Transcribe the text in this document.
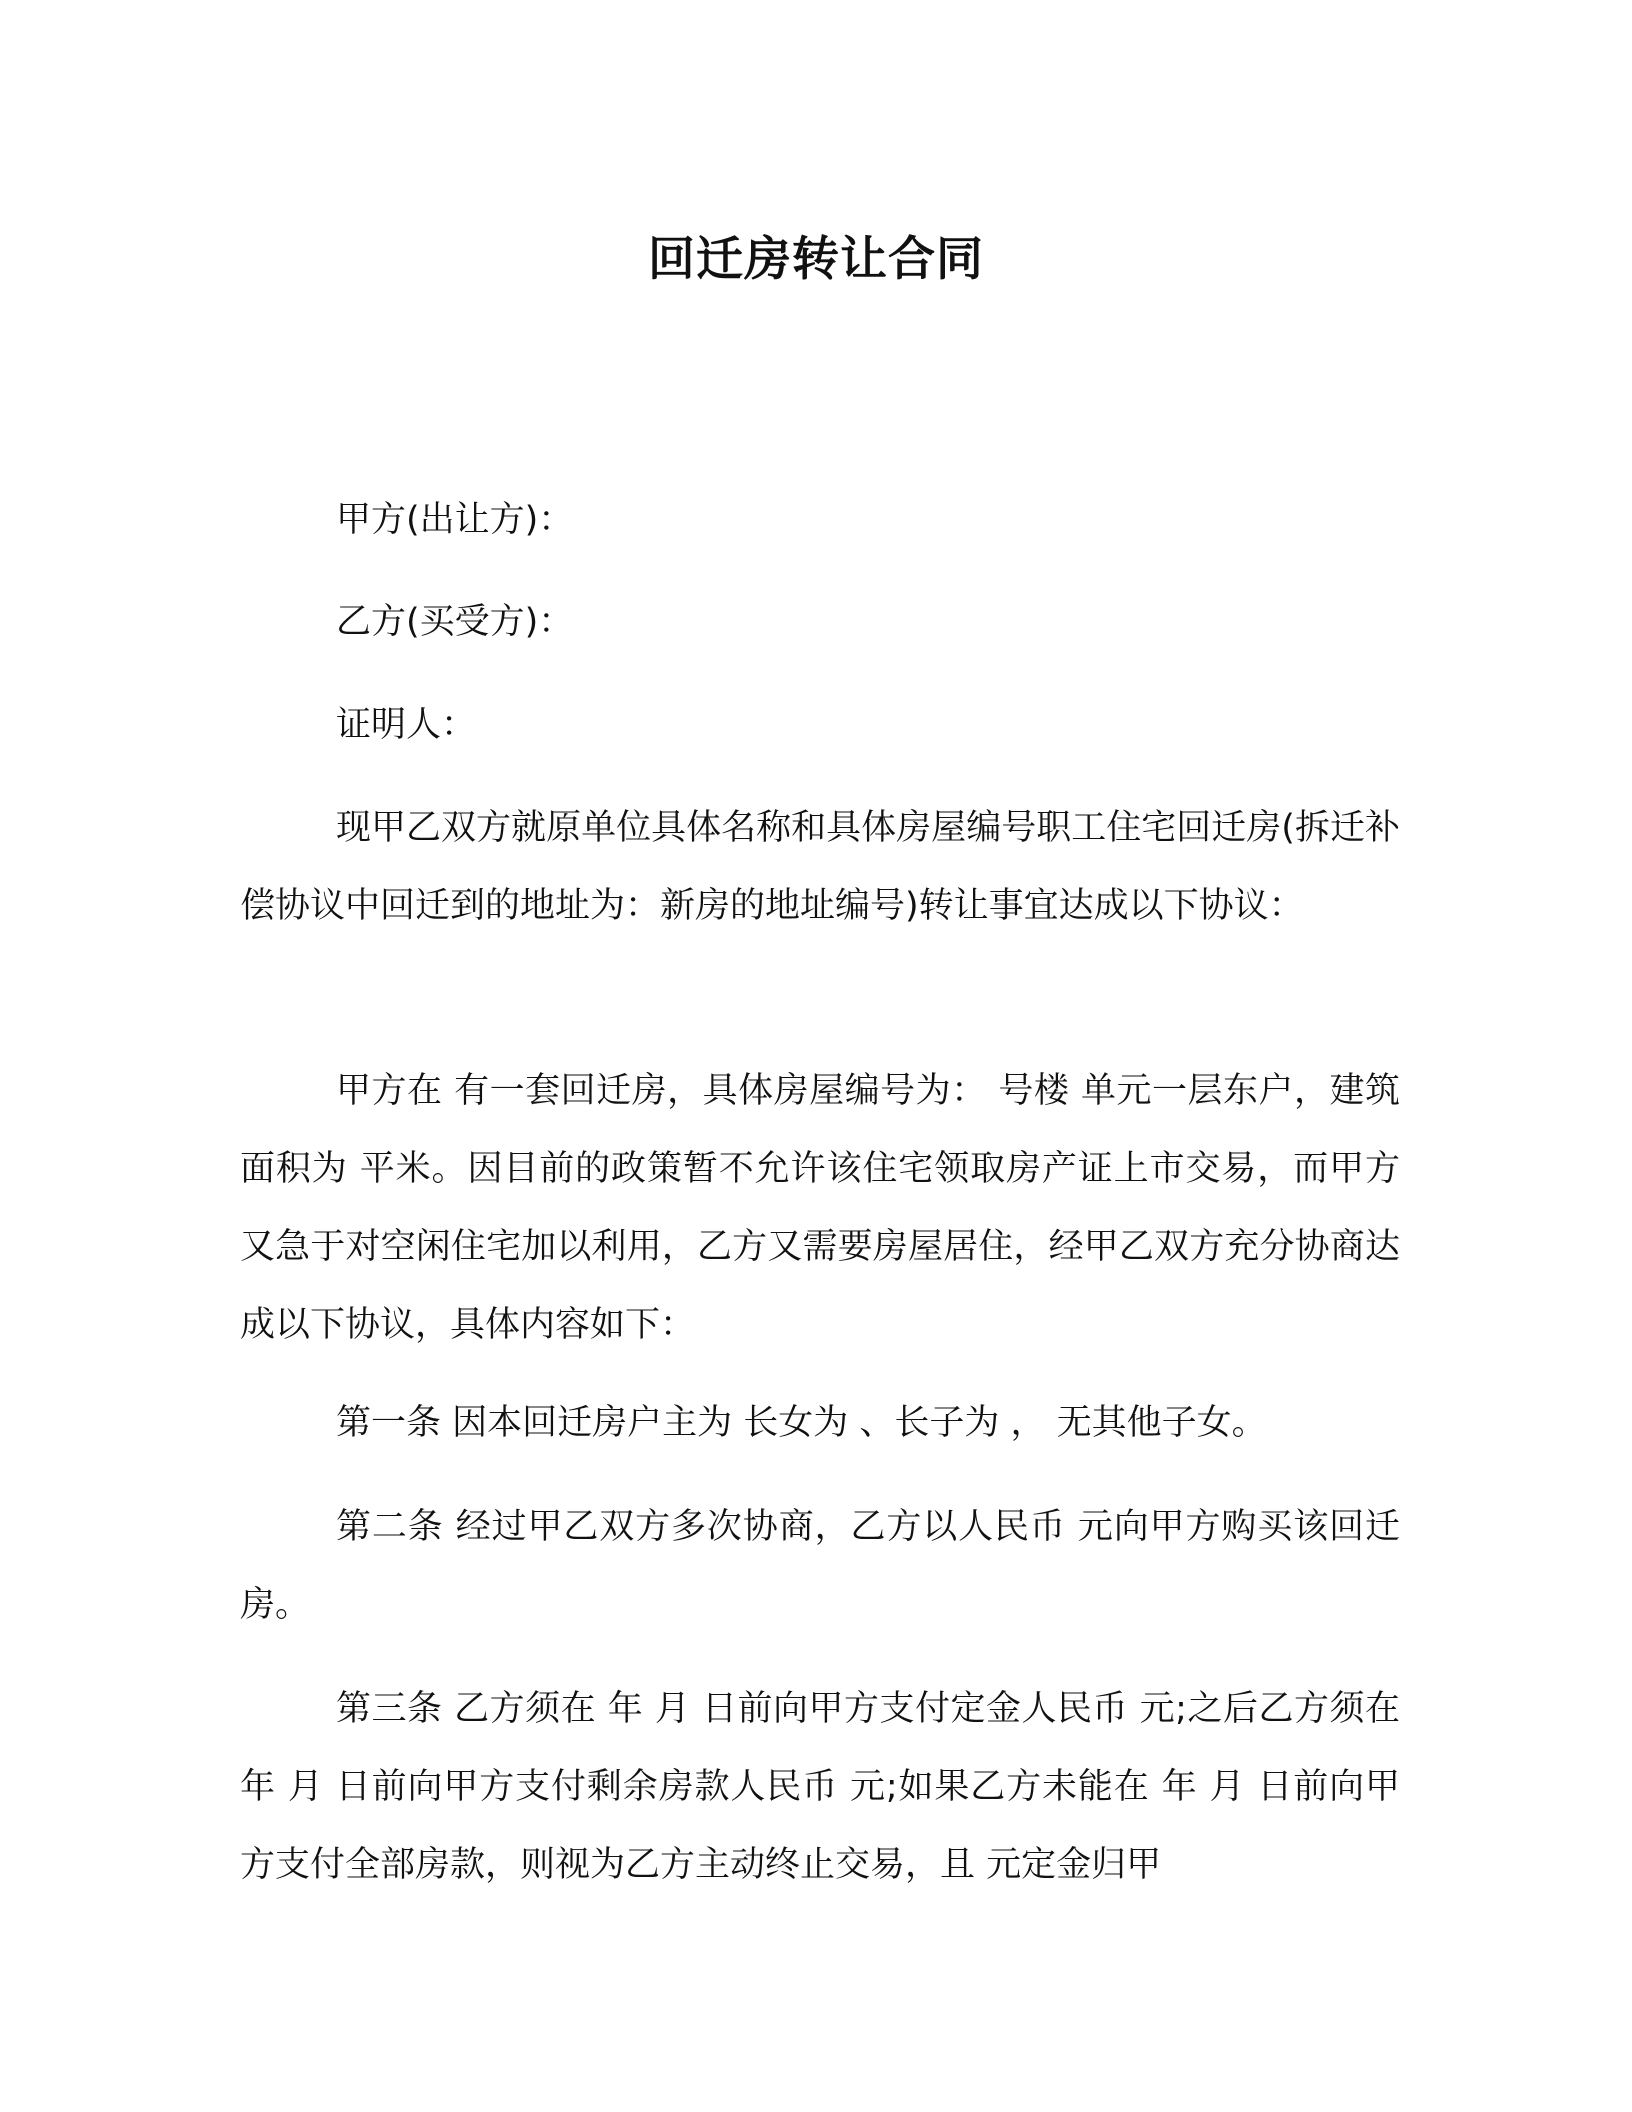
回迁房转让合同
甲方(出让方)：
乙方(买受方)：
证明人：

现甲乙双方就原单位具体名称和具体房屋编号职工住宅回迁房(拆迁补偿协议中回迁到的地址为：新房的地址编号)转让事宜达成以下协议：

甲方在 有一套回迁房，具体房屋编号为： 号楼 单元一层东户，建筑面积为 平米。因目前的政策暂不允许该住宅领取房产证上市交易，而甲方又急于对空闲住宅加以利用，乙方又需要房屋居住，经甲乙双方充分协商达成以下协议，具体内容如下：

第一条 因本回迁房户主为 长女为 、长子为 ， 无其他子女。

第二条 经过甲乙双方多次协商，乙方以人民币 元向甲方购买该回迁房。

第三条 乙方须在 年 月 日前向甲方支付定金人民币 元;之后乙方须在 年 月 日前向甲方支付剩余房款人民币 元;如果乙方未能在 年 月 日前向甲方支付全部房款，则视为乙方主动终止交易，且 元定金归甲
